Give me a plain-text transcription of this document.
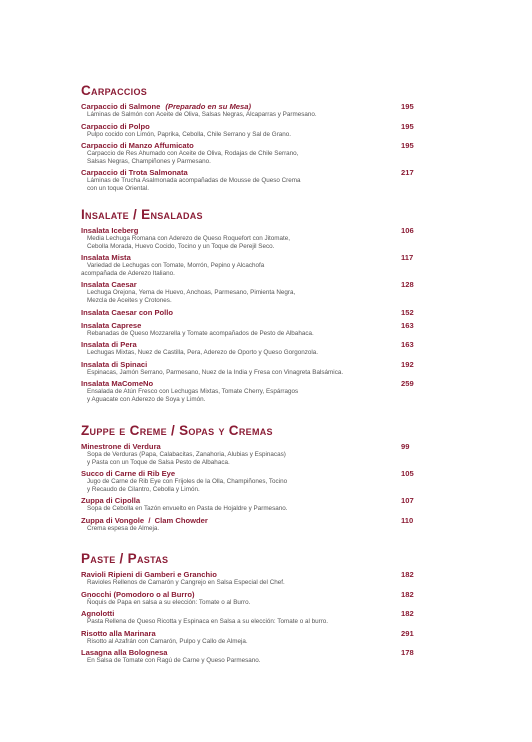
Carpaccios
Carpaccio di Salmone (Preparado en su Mesa)	195
Láminas de Salmón con Aceite de Oliva, Salsas Negras, Alcaparras y Parmesano.
Carpaccio di Polpo	195
Pulpo cocido con Limón, Paprika, Cebolla, Chile Serrano y Sal de Grano.
Carpaccio di Manzo Affumicato	195
Carpaccio de Res Ahumado con Aceite de Oliva, Rodajas de Chile Serrano,
Salsas Negras, Champiñones y Parmesano.
Carpaccio di Trota Salmonata	217
Láminas de Trucha Asalmonada acompañadas de Mousse de Queso Crema
con un toque Oriental.
Insalate / Ensaladas
Insalata Iceberg	106
Media Lechuga Romana con Aderezo de Queso Roquefort con Jitomate,
Cebolla Morada, Huevo Cocido, Tocino y un Toque de Perejil Seco.
Insalata Mista	117
Variedad de Lechugas con Tomate, Morrón, Pepino y Alcachofa
acompañada de Aderezo Italiano.
Insalata Caesar	128
Lechuga Orejona, Yema de Huevo, Anchoas, Parmesano, Pimienta Negra,
Mezcla de Aceites y Crotones.
Insalata Caesar con Pollo	152
Insalata Caprese	163
Rebanadas de Queso Mozzarella y Tomate acompañados de Pesto de Albahaca.
Insalata di Pera	163
Lechugas Mixtas, Nuez de Castilla, Pera, Aderezo de Oporto y Queso Gorgonzola.
Insalata di Spinaci	192
Espinacas, Jamón Serrano, Parmesano, Nuez de la India y Fresa con Vinagreta Balsámica.
Insalata MaComeNo	259
Ensalada de Atún Fresco con Lechugas Mixtas, Tomate Cherry, Espárragos
y Aguacate con Aderezo de Soya y Limón.
Zuppe e Creme / Sopas y Cremas
Minestrone di Verdura	99
Sopa de Verduras (Papa, Calabacitas, Zanahoria, Alubias y Espinacas)
y Pasta con un Toque de Salsa Pesto de Albahaca.
Succo di Carne di Rib Eye	105
Jugo de Carne de Rib Eye con Frijoles de la Olla, Champiñones, Tocino
y Recaudo de Cilantro, Cebolla y Limón.
Zuppa di Cipolla	107
Sopa de Cebolla en Tazón envuelto en Pasta de Hojaldre y Parmesano.
Zuppa di Vongole  /  Clam Chowder	110
Crema espesa de Almeja.
Paste / Pastas
Ravioli Ripieni di Gamberi e Granchio	182
Ravioles Rellenos de Camarón y Cangrejo en Salsa Especial del Chef.
Gnocchi (Pomodoro o al Burro)	182
Ñoquis de Papa en salsa a su elección: Tomate o al Burro.
Agnolotti	182
Pasta Rellena de Queso Ricotta y Espinaca en Salsa a su elección: Tomate o al burro.
Risotto alla Marinara	291
Risotto al Azafrán con Camarón, Pulpo y Callo de Almeja.
Lasagna alla Bolognesa	178
En Salsa de Tomate con Ragú de Carne y Queso Parmesano.
